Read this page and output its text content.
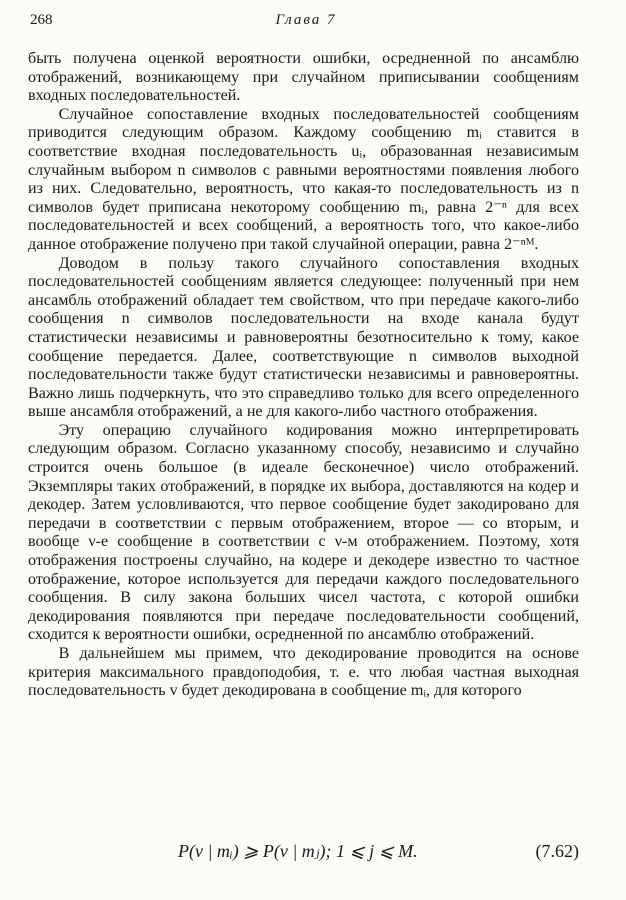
268	Глава 7

быть получена оценкой вероятности ошибки, осредненной по ансамблю отображений, возникающему при случайном приписывании сообщениям входных последовательностей.

Случайное сопоставление входных последовательностей сообщениям приводится следующим образом. Каждому сообщению mᵢ ставится в соответствие входная последовательность uᵢ, образованная независимым случайным выбором n символов с равными вероятностями появления любого из них. Следовательно, вероятность, что какая-то последовательность из n символов будет приписана некоторому сообщению mᵢ, равна 2⁻ⁿ для всех последовательностей и всех сообщений, а вероятность того, что какое-либо данное отображение получено при такой случайной операции, равна 2⁻ⁿᴹ.

Доводом в пользу такого случайного сопоставления входных последовательностей сообщениям является следующее: полученный при нем ансамбль отображений обладает тем свойством, что при передаче какого-либо сообщения n символов последовательности на входе канала будут статистически независимы и равновероятны безотносительно к тому, какое сообщение передается. Далее, соответствующие n символов выходной последовательности также будут статистически независимы и равновероятны. Важно лишь подчеркнуть, что это справедливо только для всего определенного выше ансамбля отображений, а не для какого-либо частного отображения.

Эту операцию случайного кодирования можно интерпретировать следующим образом. Согласно указанному способу, независимо и случайно строится очень большое (в идеале бесконечное) число отображений. Экземпляры таких отображений, в порядке их выбора, доставляются на кодер и декодер. Затем условливаются, что первое сообщение будет закодировано для передачи в соответствии с первым отображением, второе — со вторым, и вообще ν-е сообщение в соответствии с ν-м отображением. Поэтому, хотя отображения построены случайно, на кодере и декодере известно то частное отображение, которое используется для передачи каждого последовательного сообщения. В силу закона больших чисел частота, с которой ошибки декодирования появляются при передаче последовательности сообщений, сходится к вероятности ошибки, осредненной по ансамблю отображений.

В дальнейшем мы примем, что декодирование проводится на основе критерия максимального правдоподобия, т. е. что любая частная выходная последовательность v будет декодирована в сообщение mᵢ, для которого

P(v | mᵢ) ⩾ P(v | mⱼ); 1 ⩽ j ⩽ M.	(7.62)
